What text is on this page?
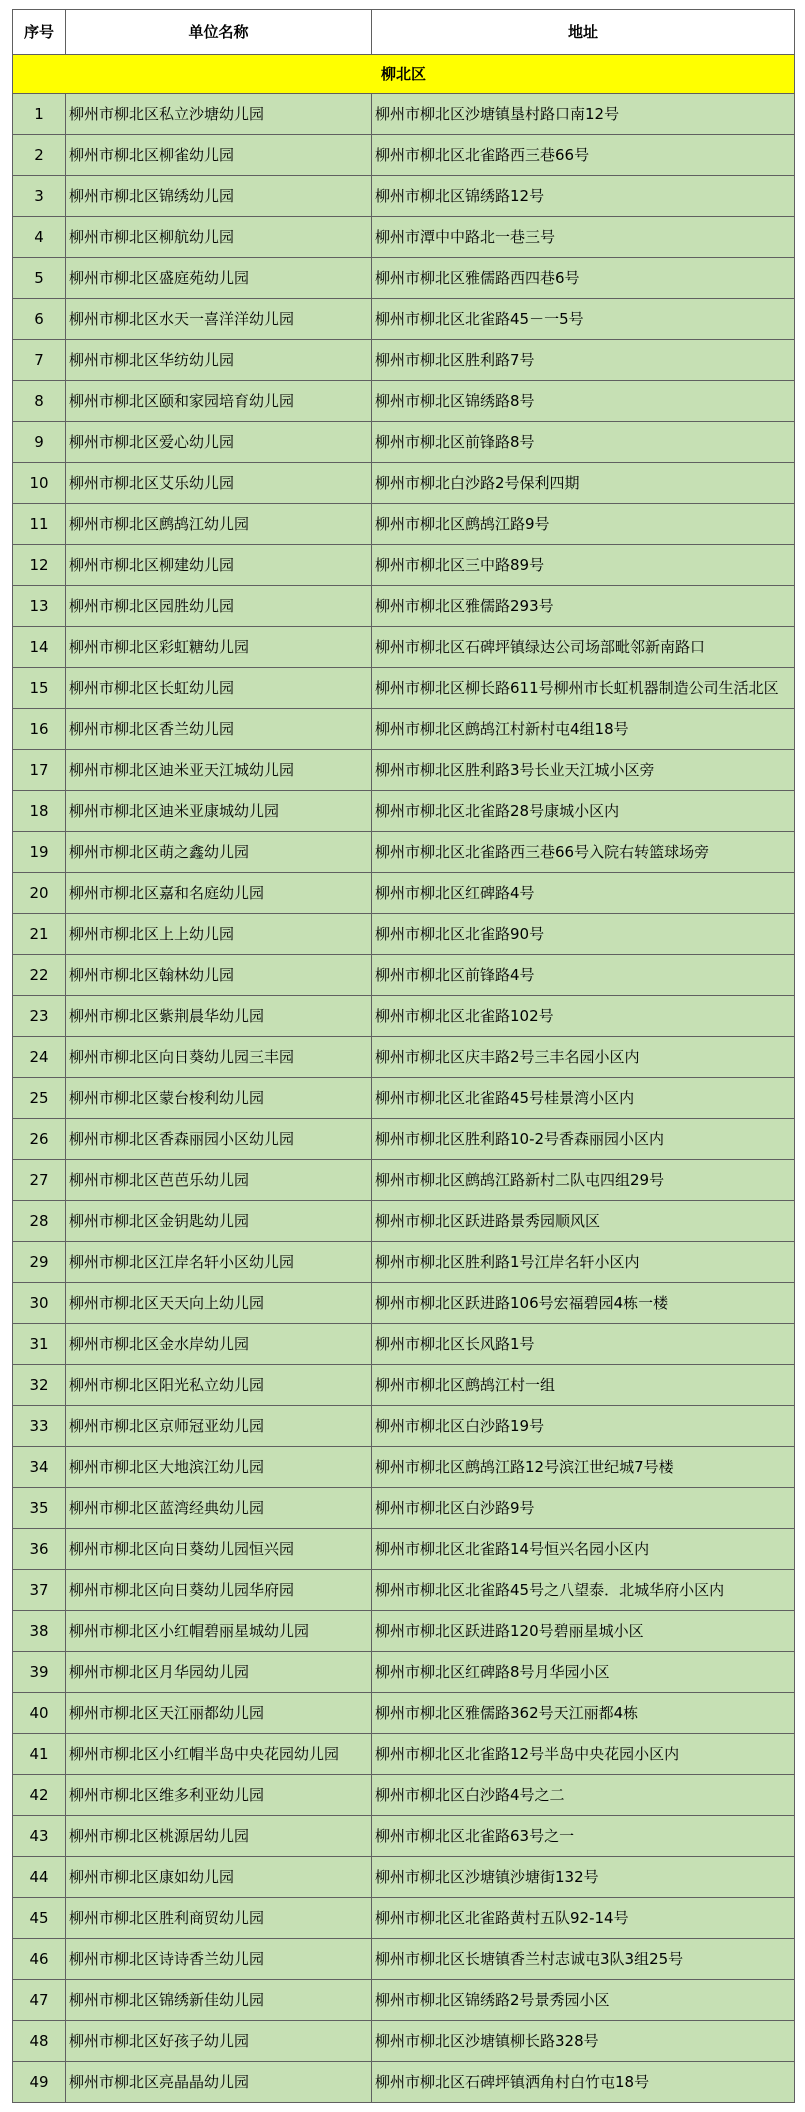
序号	单位名称	地址
柳北区		
1	柳州市柳北区私立沙塘幼儿园	柳州市柳北区沙塘镇垦村路口南12号
2	柳州市柳北区柳雀幼儿园	柳州市柳北区北雀路西三巷66号
3	柳州市柳北区锦绣幼儿园	柳州市柳北区锦绣路12号
4	柳州市柳北区柳航幼儿园	柳州市潭中中路北一巷三号
5	柳州市柳北区盛庭苑幼儿园	柳州市柳北区雅儒路西四巷6号
6	柳州市柳北区水天一喜洋洋幼儿园	柳州市柳北区北雀路45－一5号
7	柳州市柳北区华纺幼儿园	柳州市柳北区胜利路7号
8	柳州市柳北区颐和家园培育幼儿园	柳州市柳北区锦绣路8号
9	柳州市柳北区爱心幼儿园	柳州市柳北区前锋路8号
10	柳州市柳北区艾乐幼儿园	柳州市柳北白沙路2号保利四期
11	柳州市柳北区鹧鸪江幼儿园	柳州市柳北区鹧鸪江路9号
12	柳州市柳北区柳建幼儿园	柳州市柳北区三中路89号
13	柳州市柳北区园胜幼儿园	柳州市柳北区雅儒路293号
14	柳州市柳北区彩虹糖幼儿园	柳州市柳北区石碑坪镇绿达公司场部毗邻新南路口
15	柳州市柳北区长虹幼儿园	柳州市柳北区柳长路611号柳州市长虹机器制造公司生活北区
16	柳州市柳北区香兰幼儿园	柳州市柳北区鹧鸪江村新村屯4组18号
17	柳州市柳北区迪米亚天江城幼儿园	柳州市柳北区胜利路3号长业天江城小区旁
18	柳州市柳北区迪米亚康城幼儿园	柳州市柳北区北雀路28号康城小区内
19	柳州市柳北区萌之鑫幼儿园	柳州市柳北区北雀路西三巷66号入院右转篮球场旁
20	柳州市柳北区嘉和名庭幼儿园	柳州市柳北区红碑路4号
21	柳州市柳北区上上幼儿园	柳州市柳北区北雀路90号
22	柳州市柳北区翰林幼儿园	柳州市柳北区前锋路4号
23	柳州市柳北区紫荆晨华幼儿园	柳州市柳北区北雀路102号
24	柳州市柳北区向日葵幼儿园三丰园	柳州市柳北区庆丰路2号三丰名园小区内
25	柳州市柳北区蒙台梭利幼儿园	柳州市柳北区北雀路45号桂景湾小区内
26	柳州市柳北区香森丽园小区幼儿园	柳州市柳北区胜利路10-2号香森丽园小区内
27	柳州市柳北区芭芭乐幼儿园	柳州市柳北区鹧鸪江路新村二队屯四组29号
28	柳州市柳北区金钥匙幼儿园	柳州市柳北区跃进路景秀园顺风区
29	柳州市柳北区江岸名轩小区幼儿园	柳州市柳北区胜利路1号江岸名轩小区内
30	柳州市柳北区天天向上幼儿园	柳州市柳北区跃进路106号宏福碧园4栋一楼
31	柳州市柳北区金水岸幼儿园	柳州市柳北区长风路1号
32	柳州市柳北区阳光私立幼儿园	柳州市柳北区鹧鸪江村一组
33	柳州市柳北区京师冠亚幼儿园	柳州市柳北区白沙路19号
34	柳州市柳北区大地滨江幼儿园	柳州市柳北区鹧鸪江路12号滨江世纪城7号楼
35	柳州市柳北区蓝湾经典幼儿园	柳州市柳北区白沙路9号
36	柳州市柳北区向日葵幼儿园恒兴园	柳州市柳北区北雀路14号恒兴名园小区内
37	柳州市柳北区向日葵幼儿园华府园	柳州市柳北区北雀路45号之八望泰．北城华府小区内
38	柳州市柳北区小红帽碧丽星城幼儿园	柳州市柳北区跃进路120号碧丽星城小区
39	柳州市柳北区月华园幼儿园	柳州市柳北区红碑路8号月华园小区
40	柳州市柳北区天江丽都幼儿园	柳州市柳北区雅儒路362号天江丽都4栋
41	柳州市柳北区小红帽半岛中央花园幼儿园	柳州市柳北区北雀路12号半岛中央花园小区内
42	柳州市柳北区维多利亚幼儿园	柳州市柳北区白沙路4号之二
43	柳州市柳北区桃源居幼儿园	柳州市柳北区北雀路63号之一
44	柳州市柳北区康如幼儿园	柳州市柳北区沙塘镇沙塘街132号
45	柳州市柳北区胜利商贸幼儿园	柳州市柳北区北雀路黄村五队92-14号
46	柳州市柳北区诗诗香兰幼儿园	柳州市柳北区长塘镇香兰村志诚屯3队3组25号
47	柳州市柳北区锦绣新佳幼儿园	柳州市柳北区锦绣路2号景秀园小区
48	柳州市柳北区好孩子幼儿园	柳州市柳北区沙塘镇柳长路328号
49	柳州市柳北区亮晶晶幼儿园	柳州市柳北区石碑坪镇洒角村白竹屯18号
